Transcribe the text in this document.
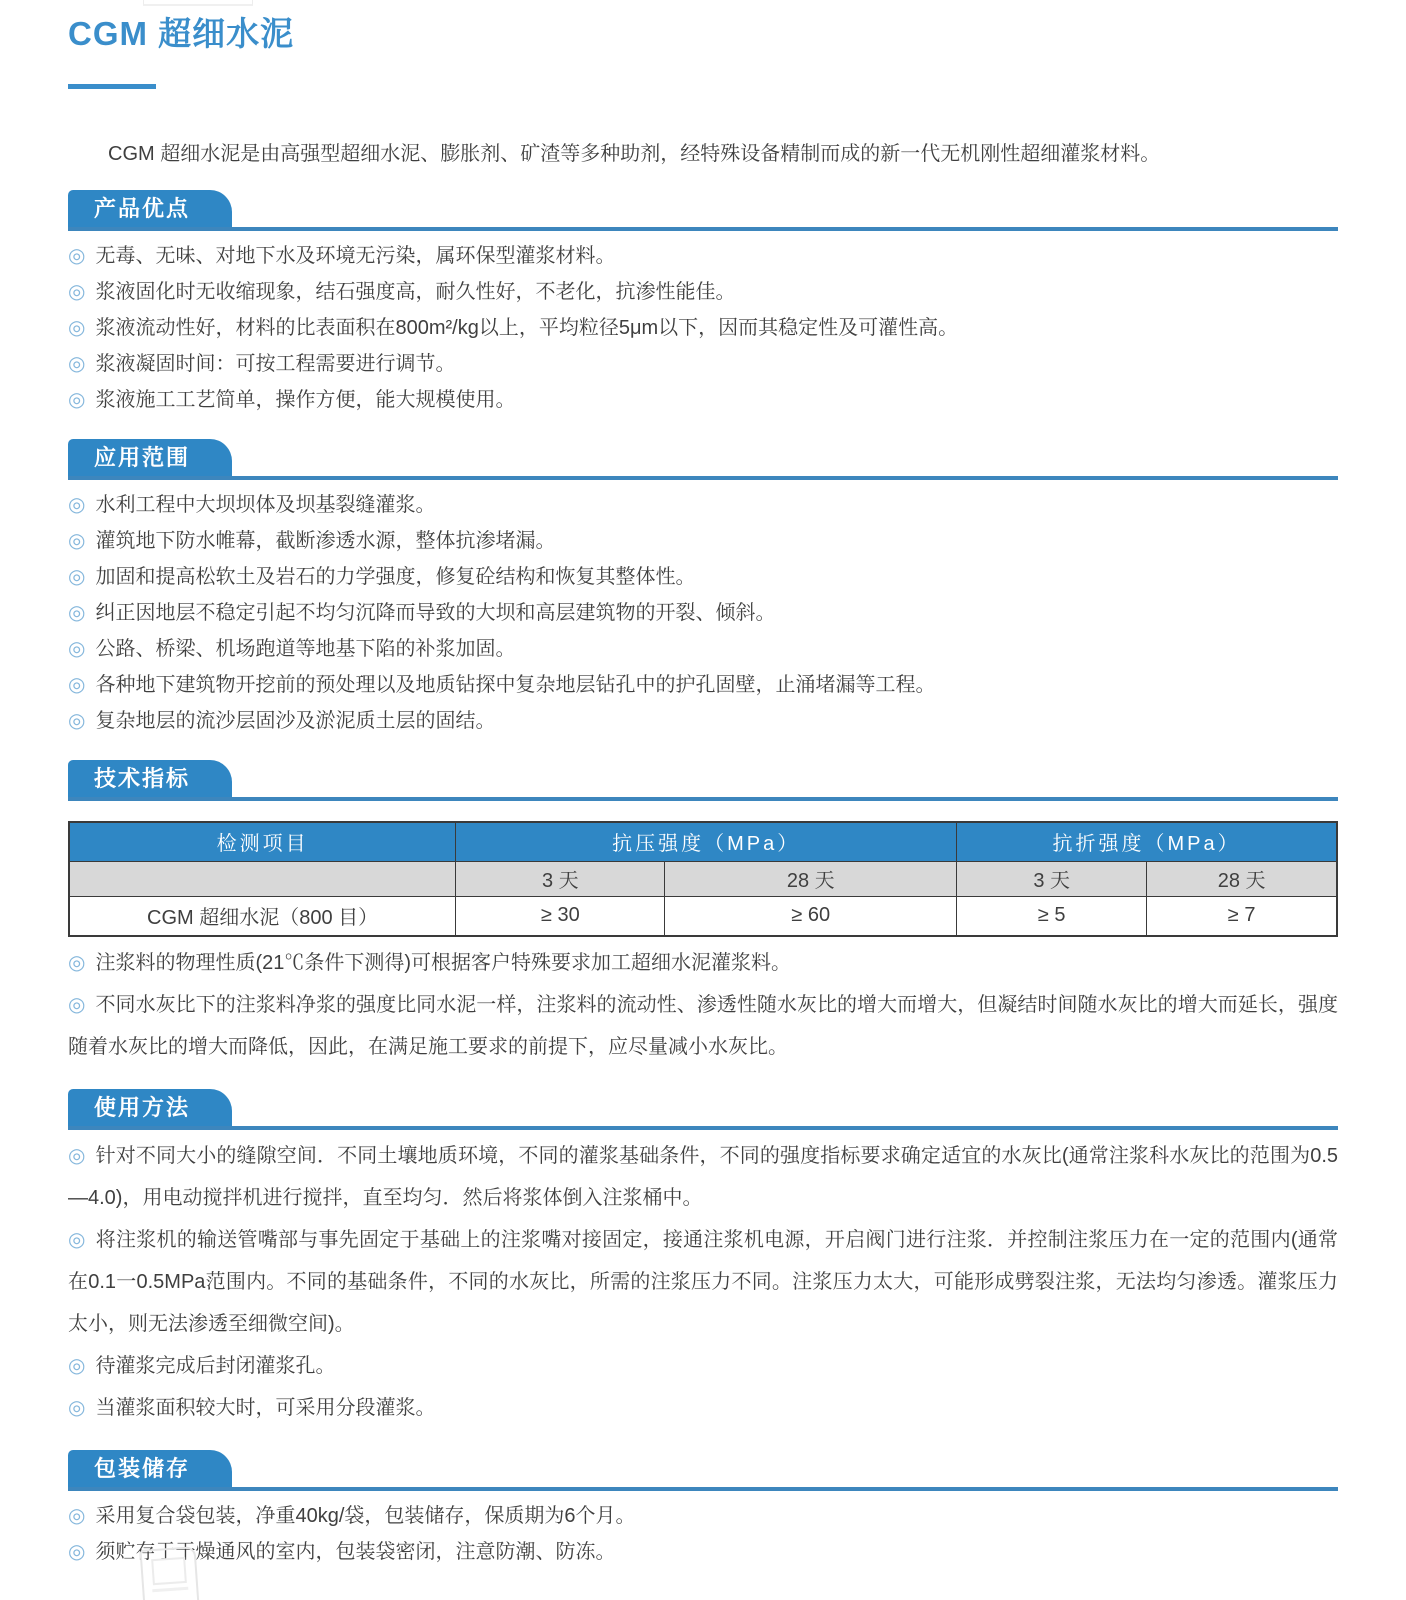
CGM 超细水泥

CGM 超细水泥是由高强型超细水泥、膨胀剂、矿渣等多种助剂，经特殊设备精制而成的新一代无机刚性超细灌浆材料。

产品优点
◎ 无毒、无味、对地下水及环境无污染，属环保型灌浆材料。
◎ 浆液固化时无收缩现象，结石强度高，耐久性好，不老化，抗渗性能佳。
◎ 浆液流动性好，材料的比表面积在800m²/kg以上，平均粒径5μm以下，因而其稳定性及可灌性高。
◎ 浆液凝固时间：可按工程需要进行调节。
◎ 浆液施工工艺简单，操作方便，能大规模使用。
应用范围
◎ 水利工程中大坝坝体及坝基裂缝灌浆。
◎ 灌筑地下防水帷幕，截断渗透水源，整体抗渗堵漏。
◎ 加固和提高松软土及岩石的力学强度，修复砼结构和恢复其整体性。
◎ 纠正因地层不稳定引起不均匀沉降而导致的大坝和高层建筑物的开裂、倾斜。
◎ 公路、桥梁、机场跑道等地基下陷的补浆加固。
◎ 各种地下建筑物开挖前的预处理以及地质钻探中复杂地层钻孔中的护孔固壁，止涌堵漏等工程。
◎ 复杂地层的流沙层固沙及淤泥质土层的固结。
技术指标
检测项目	抗压强度（MPa）		抗折强度（MPa）	
	3 天	28 天	3 天	28 天
CGM 超细水泥（800 目）	≥ 30	≥ 60	≥ 5	≥ 7

◎ 注浆料的物理性质(21℃条件下测得)可根据客户特殊要求加工超细水泥灌浆料。

◎ 不同水灰比下的注浆料净浆的强度比同水泥一样，注浆料的流动性、渗透性随水灰比的增大而增大，但凝结时间随水灰比的增大而延长，强度随着水灰比的增大而降低，因此，在满足施工要求的前提下，应尽量减小水灰比。

使用方法

◎ 针对不同大小的缝隙空间．不同土壤地质环境，不同的灌浆基础条件，不同的强度指标要求确定适宜的水灰比(通常注浆科水灰比的范围为0.5—4.0)，用电动搅拌机进行搅拌，直至均匀．然后将浆体倒入注浆桶中。

◎ 将注浆机的输送管嘴部与事先固定于基础上的注浆嘴对接固定，接通注浆机电源，开启阀门进行注浆．并控制注浆压力在一定的范围内(通常在0.1一0.5MPa范围内。不同的基础条件，不同的水灰比，所需的注浆压力不同。注浆压力太大，可能形成劈裂注浆，无法均匀渗透。灌浆压力太小，则无法渗透至细微空间)。

◎ 待灌浆完成后封闭灌浆孔。

◎ 当灌浆面积较大时，可采用分段灌浆。

包装储存
◎ 采用复合袋包装，净重40kg/袋，包装储存，保质期为6个月。
◎ 须贮存于干燥通风的室内，包装袋密闭，注意防潮、防冻。
